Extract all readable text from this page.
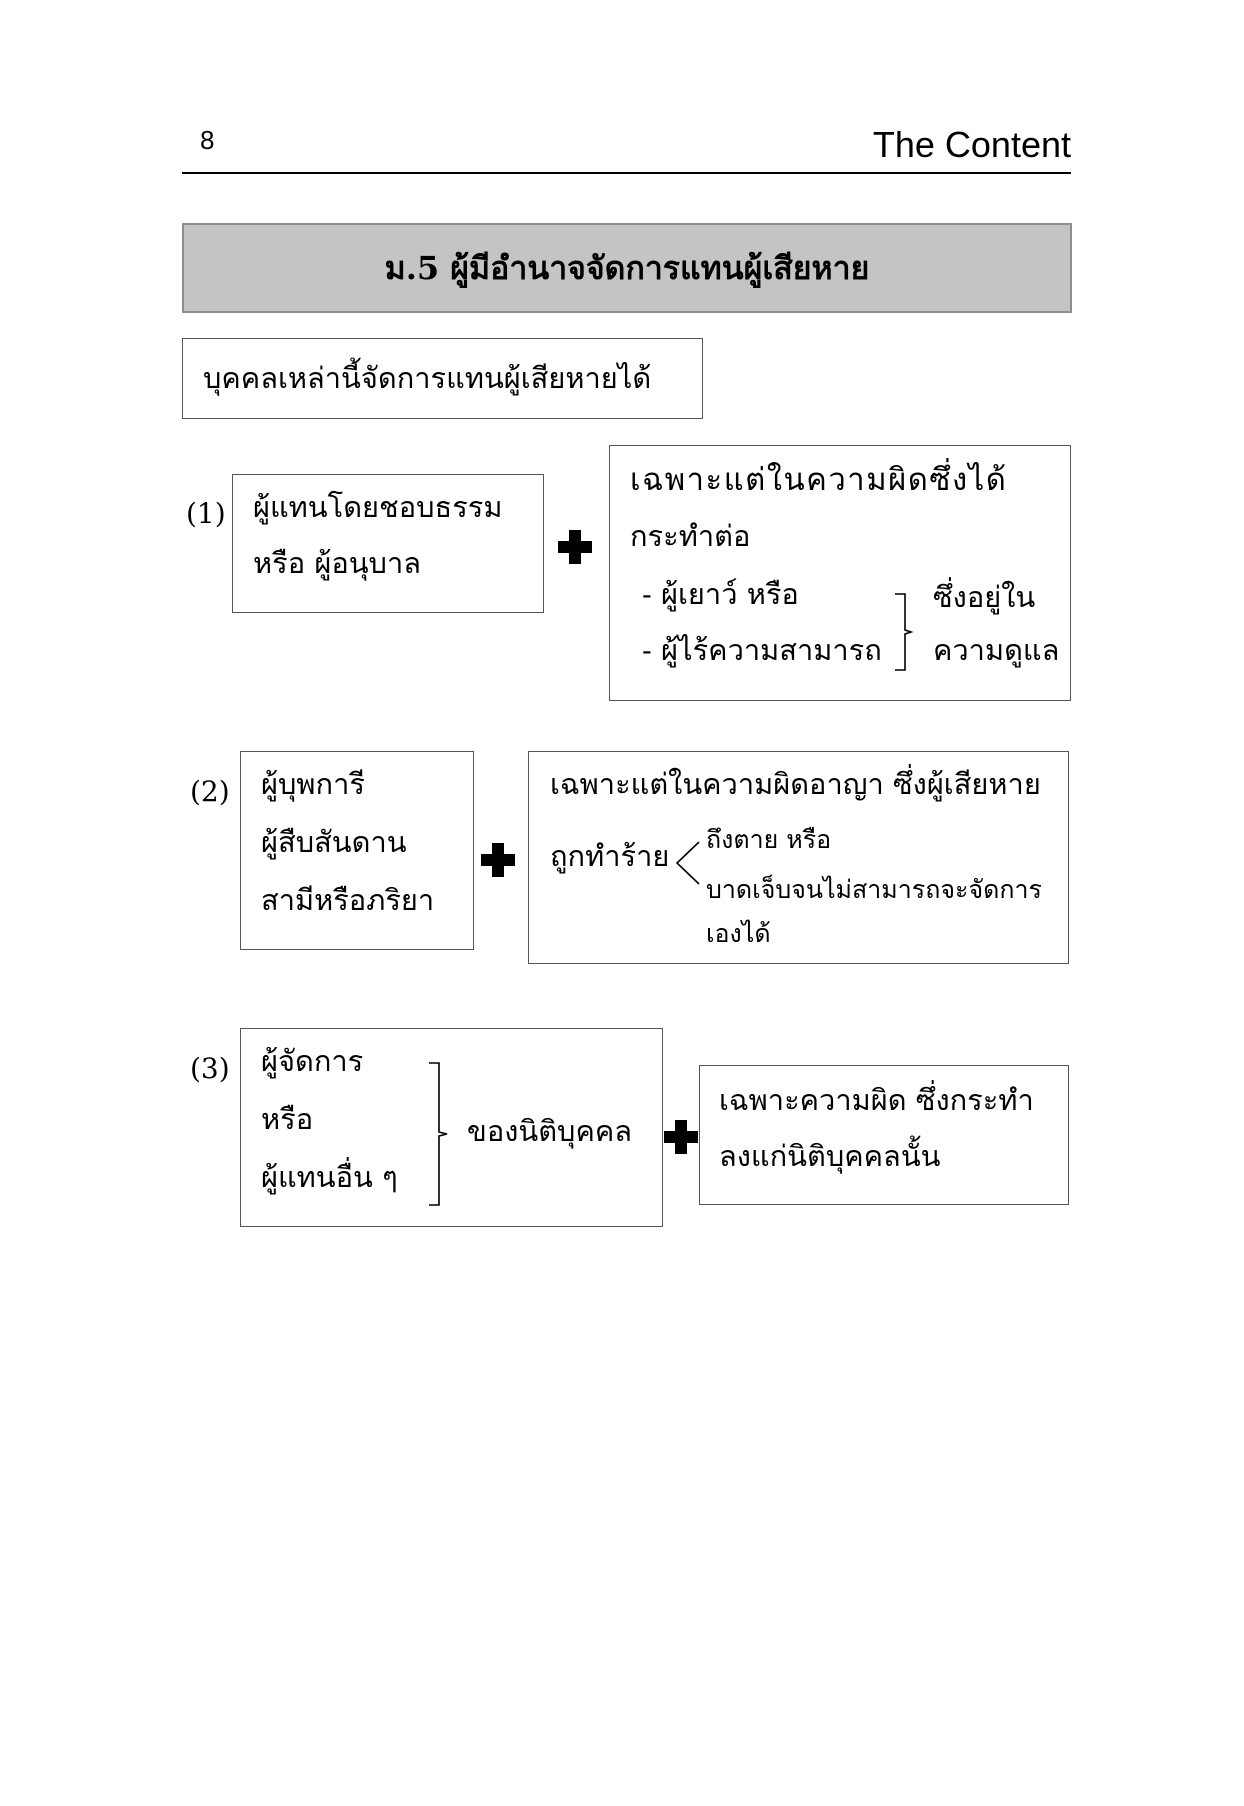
8	The Content
ม.5 ผู้มีอำนาจจัดการแทนผู้เสียหาย
บุคคลเหล่านี้จัดการแทนผู้เสียหายได้
(1) ผู้แทนโดยชอบธรรม
หรือ ผู้อนุบาล
เฉพาะแต่ในความผิดซึ่งได้
กระทำต่อ
- ผู้เยาว์ หรือ
- ผู้ไร้ความสามารถ
ซึ่งอยู่ใน
ความดูแล
(2) ผู้บุพการี
ผู้สืบสันดาน
สามีหรือภริยา
เฉพาะแต่ในความผิดอาญา ซึ่งผู้เสียหาย
ถูกทำร้าย ถึงตาย หรือ
บาดเจ็บจนไม่สามารถจะจัดการ
เองได้
(3) ผู้จัดการ
หรือ
ผู้แทนอื่น ๆ
ของนิติบุคคล
เฉพาะความผิด ซึ่งกระทำ
ลงแก่นิติบุคคลนั้น
